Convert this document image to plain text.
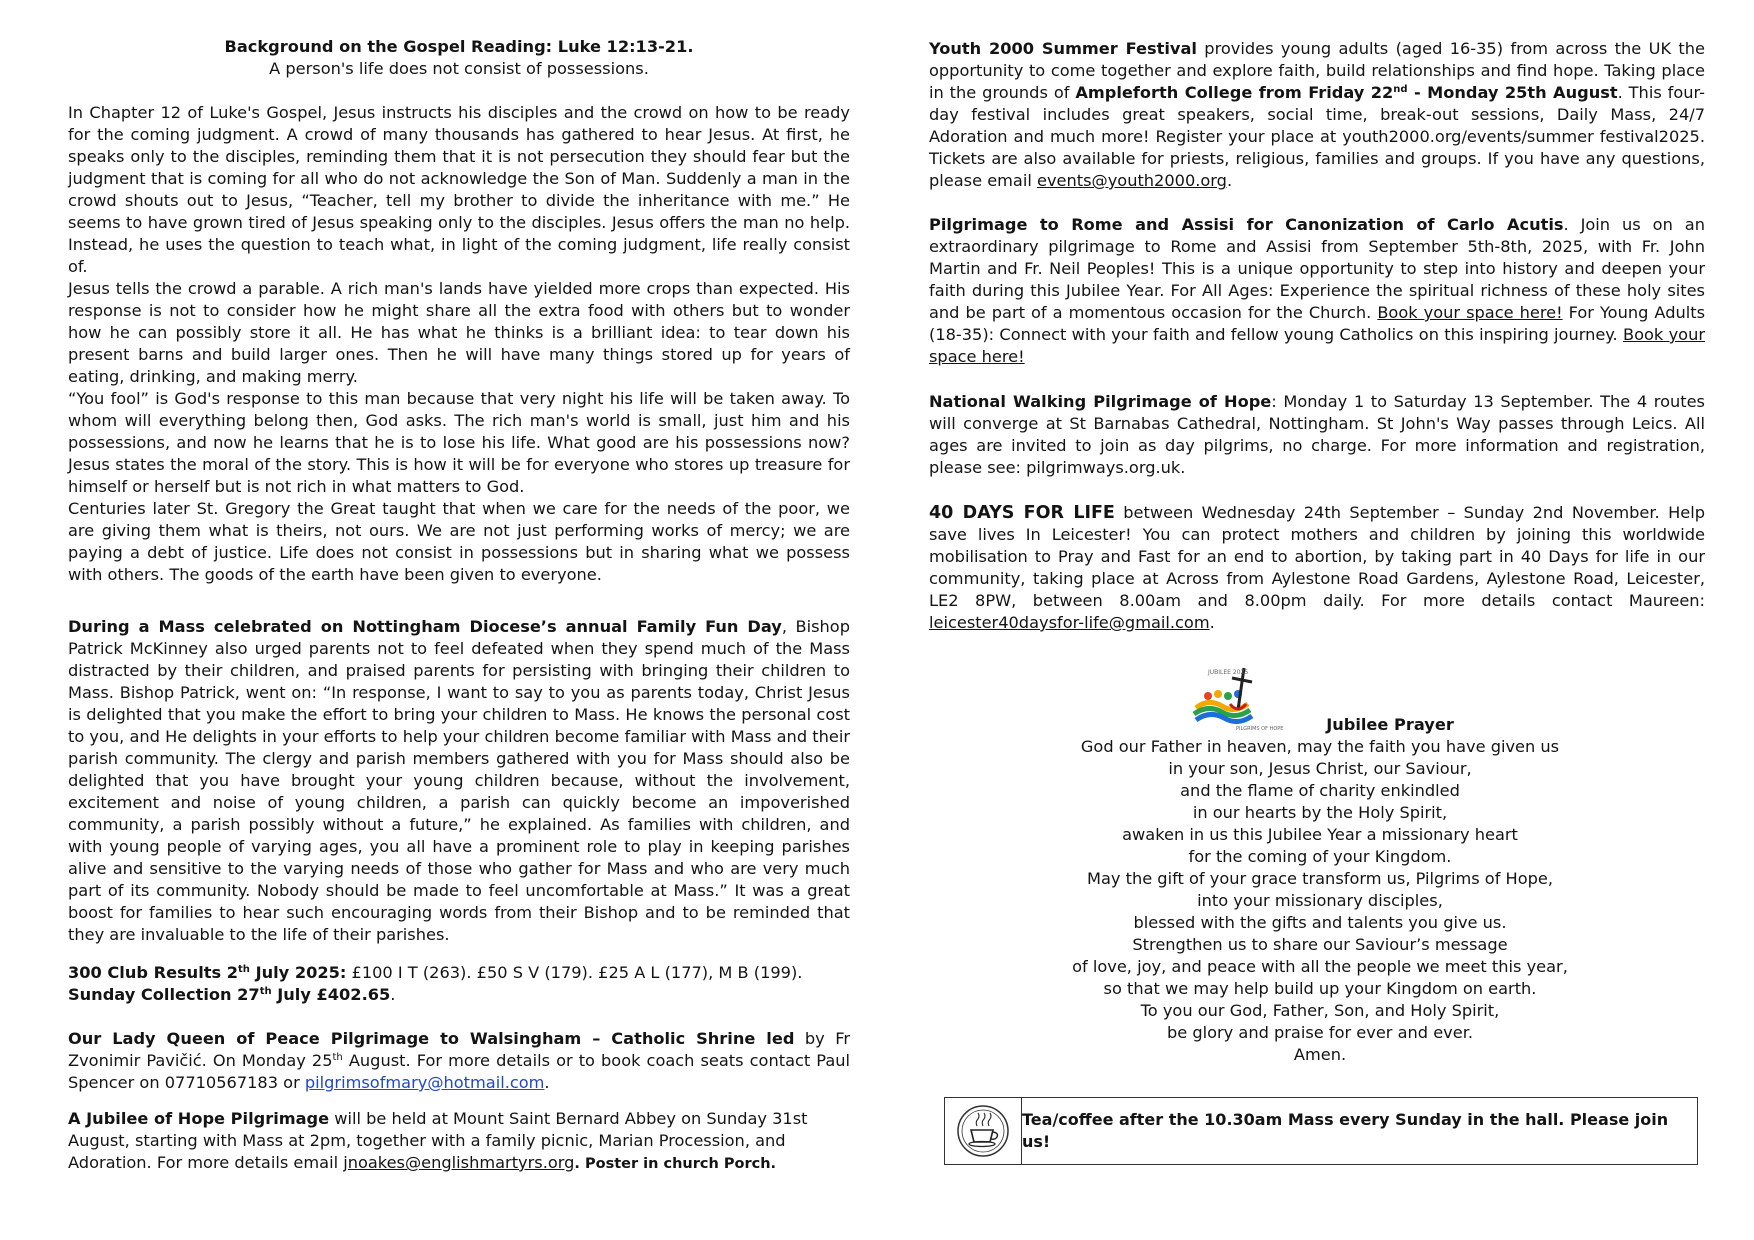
Background on the Gospel Reading: Luke 12:13-21.

A person's life does not consist of possessions.

In Chapter 12 of Luke's Gospel, Jesus instructs his disciples and the crowd on how to be ready for the coming judgment. A crowd of many thousands has gathered to hear Jesus. At first, he speaks only to the disciples, reminding them that it is not persecution they should fear but the judgment that is coming for all who do not acknowledge the Son of Man. Suddenly a man in the crowd shouts out to Jesus, “Teacher, tell my brother to divide the inheritance with me.” He seems to have grown tired of Jesus speaking only to the disciples. Jesus offers the man no help. Instead, he uses the question to teach what, in light of the coming judgment, life really consist of.

Jesus tells the crowd a parable. A rich man's lands have yielded more crops than expected. His response is not to consider how he might share all the extra food with others but to wonder how he can possibly store it all. He has what he thinks is a brilliant idea: to tear down his present barns and build larger ones. Then he will have many things stored up for years of eating, drinking, and making merry.

“You fool” is God's response to this man because that very night his life will be taken away. To whom will everything belong then, God asks. The rich man's world is small, just him and his possessions, and now he learns that he is to lose his life. What good are his possessions now? Jesus states the moral of the story. This is how it will be for everyone who stores up treasure for himself or herself but is not rich in what matters to God.

Centuries later St. Gregory the Great taught that when we care for the needs of the poor, we are giving them what is theirs, not ours. We are not just performing works of mercy; we are paying a debt of justice. Life does not consist in possessions but in sharing what we possess with others. The goods of the earth have been given to everyone.

During a Mass celebrated on Nottingham Diocese’s annual Family Fun Day, Bishop Patrick McKinney also urged parents not to feel defeated when they spend much of the Mass distracted by their children, and praised parents for persisting with bringing their children to Mass. Bishop Patrick, went on: “In response, I want to say to you as parents today, Christ Jesus is delighted that you make the effort to bring your children to Mass. He knows the personal cost to you, and He delights in your efforts to help your children become familiar with Mass and their parish community. The clergy and parish members gathered with you for Mass should also be delighted that you have brought your young children because, without the involvement, excitement and noise of young children, a parish can quickly become an impoverished community, a parish possibly without a future,” he explained. As families with children, and with young people of varying ages, you all have a prominent role to play in keeping parishes alive and sensitive to the varying needs of those who gather for Mass and who are very much part of its community. Nobody should be made to feel uncomfortable at Mass.” It was a great boost for families to hear such encouraging words from their Bishop and to be reminded that they are invaluable to the life of their parishes.

300 Club Results 2th July 2025: £100 I T (263). £50 S V (179). £25 A L (177), M B (199).

Sunday Collection 27th July £402.65.

Our Lady Queen of Peace Pilgrimage to Walsingham – Catholic Shrine led by Fr Zvonimir Pavičić. On Monday 25th August. For more details or to book coach seats contact Paul Spencer on 07710567183 or pilgrimsofmary@hotmail.com.

A Jubilee of Hope Pilgrimage will be held at Mount Saint Bernard Abbey on Sunday 31st August, starting with Mass at 2pm, together with a family picnic, Marian Procession, and Adoration. For more details email jnoakes@englishmartyrs.org. Poster in church Porch.

Youth 2000 Summer Festival provides young adults (aged 16-35) from across the UK the opportunity to come together and explore faith, build relationships and find hope. Taking place in the grounds of Ampleforth College from Friday 22nd - Monday 25th August. This four-day festival includes great speakers, social time, break-out sessions, Daily Mass, 24/7 Adoration and much more! Register your place at youth2000.org/events/summer festival2025. Tickets are also available for priests, religious, families and groups. If you have any questions, please email events@youth2000.org.

Pilgrimage to Rome and Assisi for Canonization of Carlo Acutis. Join us on an extraordinary pilgrimage to Rome and Assisi from September 5th-8th, 2025, with Fr. John Martin and Fr. Neil Peoples! This is a unique opportunity to step into history and deepen your faith during this Jubilee Year. For All Ages: Experience the spiritual richness of these holy sites and be part of a momentous occasion for the Church. Book your space here! For Young Adults (18-35): Connect with your faith and fellow young Catholics on this inspiring journey. Book your space here!

National Walking Pilgrimage of Hope: Monday 1 to Saturday 13 September. The 4 routes will converge at St Barnabas Cathedral, Nottingham. St John's Way passes through Leics. All ages are invited to join as day pilgrims, no charge. For more information and registration, please see: pilgrimways.org.uk.

40 DAYS FOR LIFE between Wednesday 24th September – Sunday 2nd November. Help save lives In Leicester! You can protect mothers and children by joining this worldwide mobilisation to Pray and Fast for an end to abortion, by taking part in 40 Days for life in our community, taking place at Across from Aylestone Road Gardens, Aylestone Road, Leicester, LE2 8PW, between 8.00am and 8.00pm daily. For more details contact Maureen: leicester40daysfor-life@gmail.com.

JUBILEE 2025
PILGRIMS OF HOPE	Jubilee Prayer

God our Father in heaven, may the faith you have given us

in your son, Jesus Christ, our Saviour,

and the flame of charity enkindled

in our hearts by the Holy Spirit,

awaken in us this Jubilee Year a missionary heart

for the coming of your Kingdom.

May the gift of your grace transform us, Pilgrims of Hope,

into your missionary disciples,

blessed with the gifts and talents you give us.

Strengthen us to share our Saviour’s message

of love, joy, and peace with all the people we meet this year,

so that we may help build up your Kingdom on earth.

To you our God, Father, Son, and Holy Spirit,

be glory and praise for ever and ever.

Amen.

Tea/coffee after the 10.30am Mass every Sunday in the hall. Please join us!
